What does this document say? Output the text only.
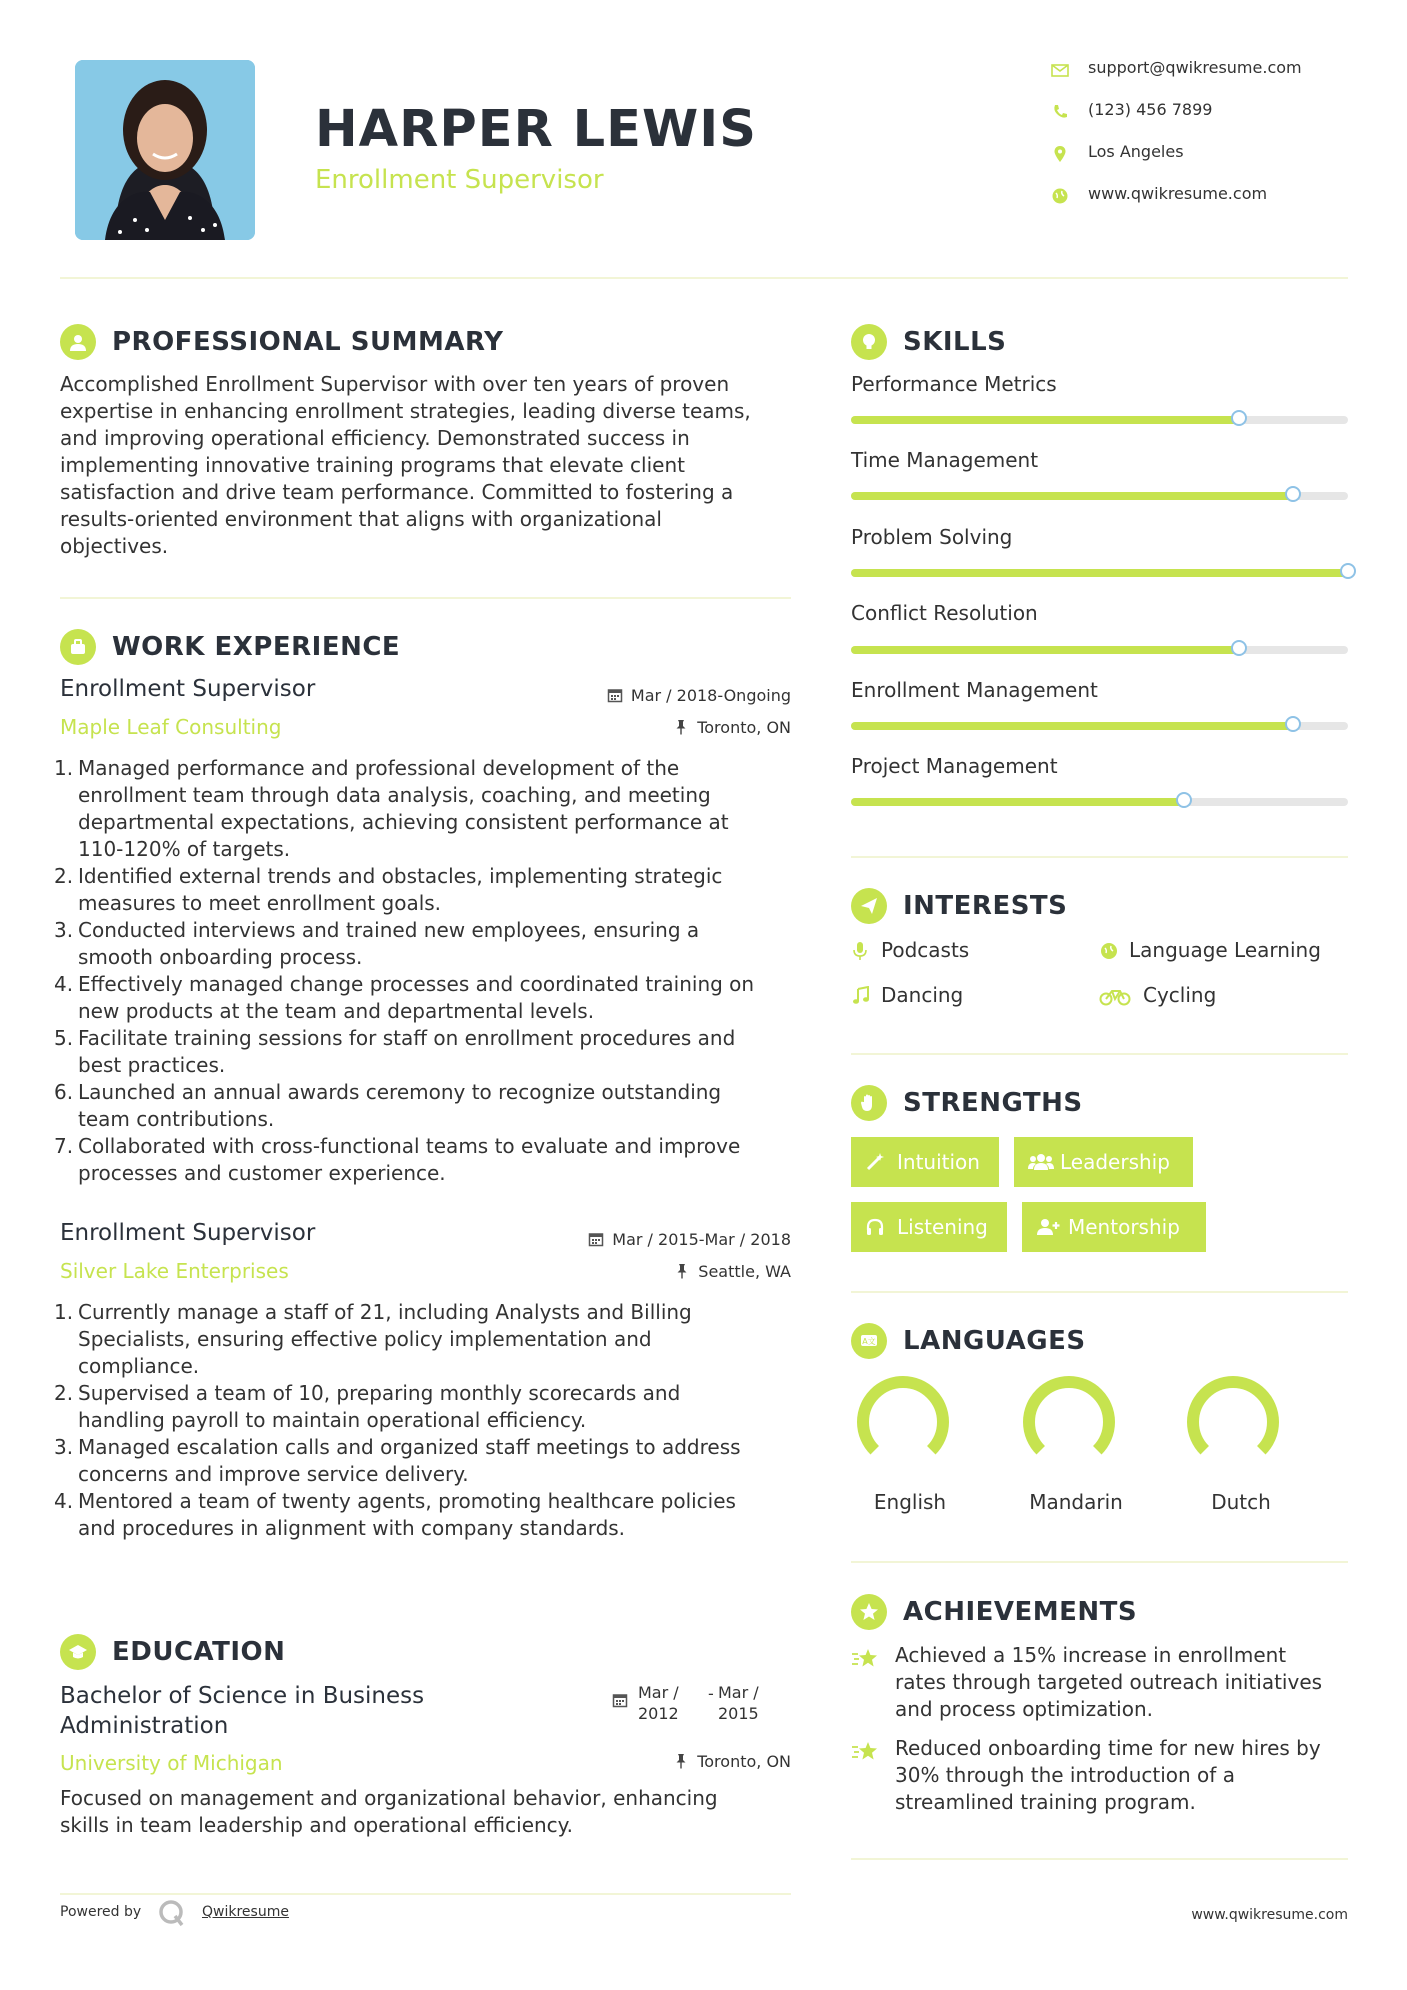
HARPER LEWIS
Enrollment Supervisor
support@qwikresume.com
(123) 456 7899
Los Angeles
www.qwikresume.com
PROFESSIONAL SUMMARY
Accomplished Enrollment Supervisor with over ten years of proven
expertise in enhancing enrollment strategies, leading diverse teams,
and improving operational efficiency. Demonstrated success in
implementing innovative training programs that elevate client
satisfaction and drive team performance. Committed to fostering a
results-oriented environment that aligns with organizational
objectives.
WORK EXPERIENCE
Enrollment Supervisor	Mar / 2018-Ongoing
Maple Leaf Consulting	Toronto, ON
1. Managed performance and professional development of the
enrollment team through data analysis, coaching, and meeting
departmental expectations, achieving consistent performance at
110-120% of targets.
2. Identified external trends and obstacles, implementing strategic
measures to meet enrollment goals.
3. Conducted interviews and trained new employees, ensuring a
smooth onboarding process.
4. Effectively managed change processes and coordinated training on
new products at the team and departmental levels.
5. Facilitate training sessions for staff on enrollment procedures and
best practices.
6. Launched an annual awards ceremony to recognize outstanding
team contributions.
7. Collaborated with cross-functional teams to evaluate and improve
processes and customer experience.
Enrollment Supervisor	Mar / 2015-Mar / 2018
Silver Lake Enterprises	Seattle, WA
1. Currently manage a staff of 21, including Analysts and Billing
Specialists, ensuring effective policy implementation and
compliance.
2. Supervised a team of 10, preparing monthly scorecards and
handling payroll to maintain operational efficiency.
3. Managed escalation calls and organized staff meetings to address
concerns and improve service delivery.
4. Mentored a team of twenty agents, promoting healthcare policies
and procedures in alignment with company standards.
EDUCATION
Bachelor of Science in Business
Administration
Mar /
2012
- Mar /
2015
University of Michigan	Toronto, ON
Focused on management and organizational behavior, enhancing
skills in team leadership and operational efficiency.
SKILLS
Performance Metrics
Time Management
Problem Solving
Conflict Resolution
Enrollment Management
Project Management
INTERESTS
Podcasts	Language Learning
Dancing	Cycling
STRENGTHS
Intuition	Leadership
Listening	Mentorship
A文 LANGUAGES
English	Mandarin	Dutch
ACHIEVEMENTS
Achieved a 15% increase in enrollment
rates through targeted outreach initiatives
and process optimization.
Reduced onboarding time for new hires by
30% through the introduction of a
streamlined training program.
Powered by	Qwikresume	www.qwikresume.com
